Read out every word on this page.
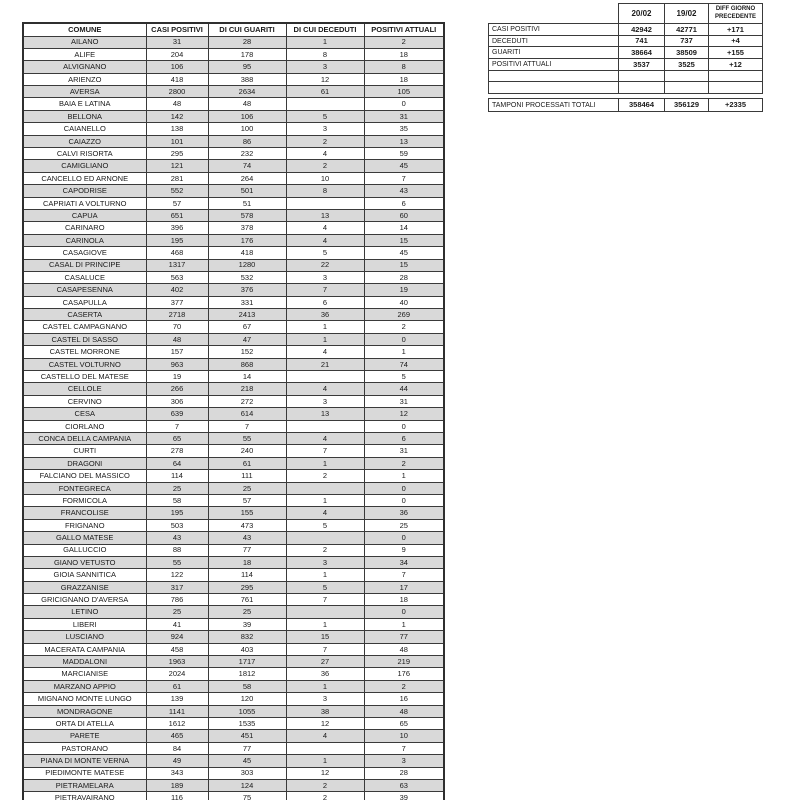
COMUNE	CASI POSITIVI	DI CUI GUARITI	DI CUI DECEDUTI	POSITIVI ATTUALI
AILANO	31	28	1	2
ALIFE	204	178	8	18
ALVIGNANO	106	95	3	8
ARIENZO	418	388	12	18
AVERSA	2800	2634	61	105
BAIA E LATINA	48	48		0
BELLONA	142	106	5	31
CAIANELLO	138	100	3	35
CAIAZZO	101	86	2	13
CALVI RISORTA	295	232	4	59
CAMIGLIANO	121	74	2	45
CANCELLO ED ARNONE	281	264	10	7
CAPODRISE	552	501	8	43
CAPRIATI A VOLTURNO	57	51		6
CAPUA	651	578	13	60
CARINARO	396	378	4	14
CARINOLA	195	176	4	15
CASAGIOVE	468	418	5	45
CASAL DI PRINCIPE	1317	1280	22	15
CASALUCE	563	532	3	28
CASAPESENNA	402	376	7	19
CASAPULLA	377	331	6	40
CASERTA	2718	2413	36	269
CASTEL CAMPAGNANO	70	67	1	2
CASTEL DI SASSO	48	47	1	0
CASTEL MORRONE	157	152	4	1
CASTEL VOLTURNO	963	868	21	74
CASTELLO DEL MATESE	19	14		5
CELLOLE	266	218	4	44
CERVINO	306	272	3	31
CESA	639	614	13	12
CIORLANO	7	7		0
CONCA DELLA CAMPANIA	65	55	4	6
CURTI	278	240	7	31
DRAGONI	64	61	1	2
FALCIANO DEL MASSICO	114	111	2	1
FONTEGRECA	25	25		0
FORMICOLA	58	57	1	0
FRANCOLISE	195	155	4	36
FRIGNANO	503	473	5	25
GALLO MATESE	43	43		0
GALLUCCIO	88	77	2	9
GIANO VETUSTO	55	18	3	34
GIOIA SANNITICA	122	114	1	7
GRAZZANISE	317	295	5	17
GRICIGNANO D'AVERSA	786	761	7	18
LETINO	25	25		0
LIBERI	41	39	1	1
LUSCIANO	924	832	15	77
MACERATA CAMPANIA	458	403	7	48
MADDALONI	1963	1717	27	219
MARCIANISE	2024	1812	36	176
MARZANO APPIO	61	58	1	2
MIGNANO MONTE LUNGO	139	120	3	16
MONDRAGONE	1141	1055	38	48
ORTA DI ATELLA	1612	1535	12	65
PARETE	465	451	4	10
PASTORANO	84	77		7
PIANA DI MONTE VERNA	49	45	1	3
PIEDIMONTE MATESE	343	303	12	28
PIETRAMELARA	189	124	2	63
PIETRAVAIRANO	116	75	2	39
	20/02	19/02	DIFF GIORNO PRECEDENTE
CASI POSITIVI	42942	42771	+171
DECEDUTI	741	737	+4
GUARITI	38664	38509	+155
POSITIVI ATTUALI	3537	3525	+12

TAMPONI PROCESSATI TOTALI	358464	356129	+2335
